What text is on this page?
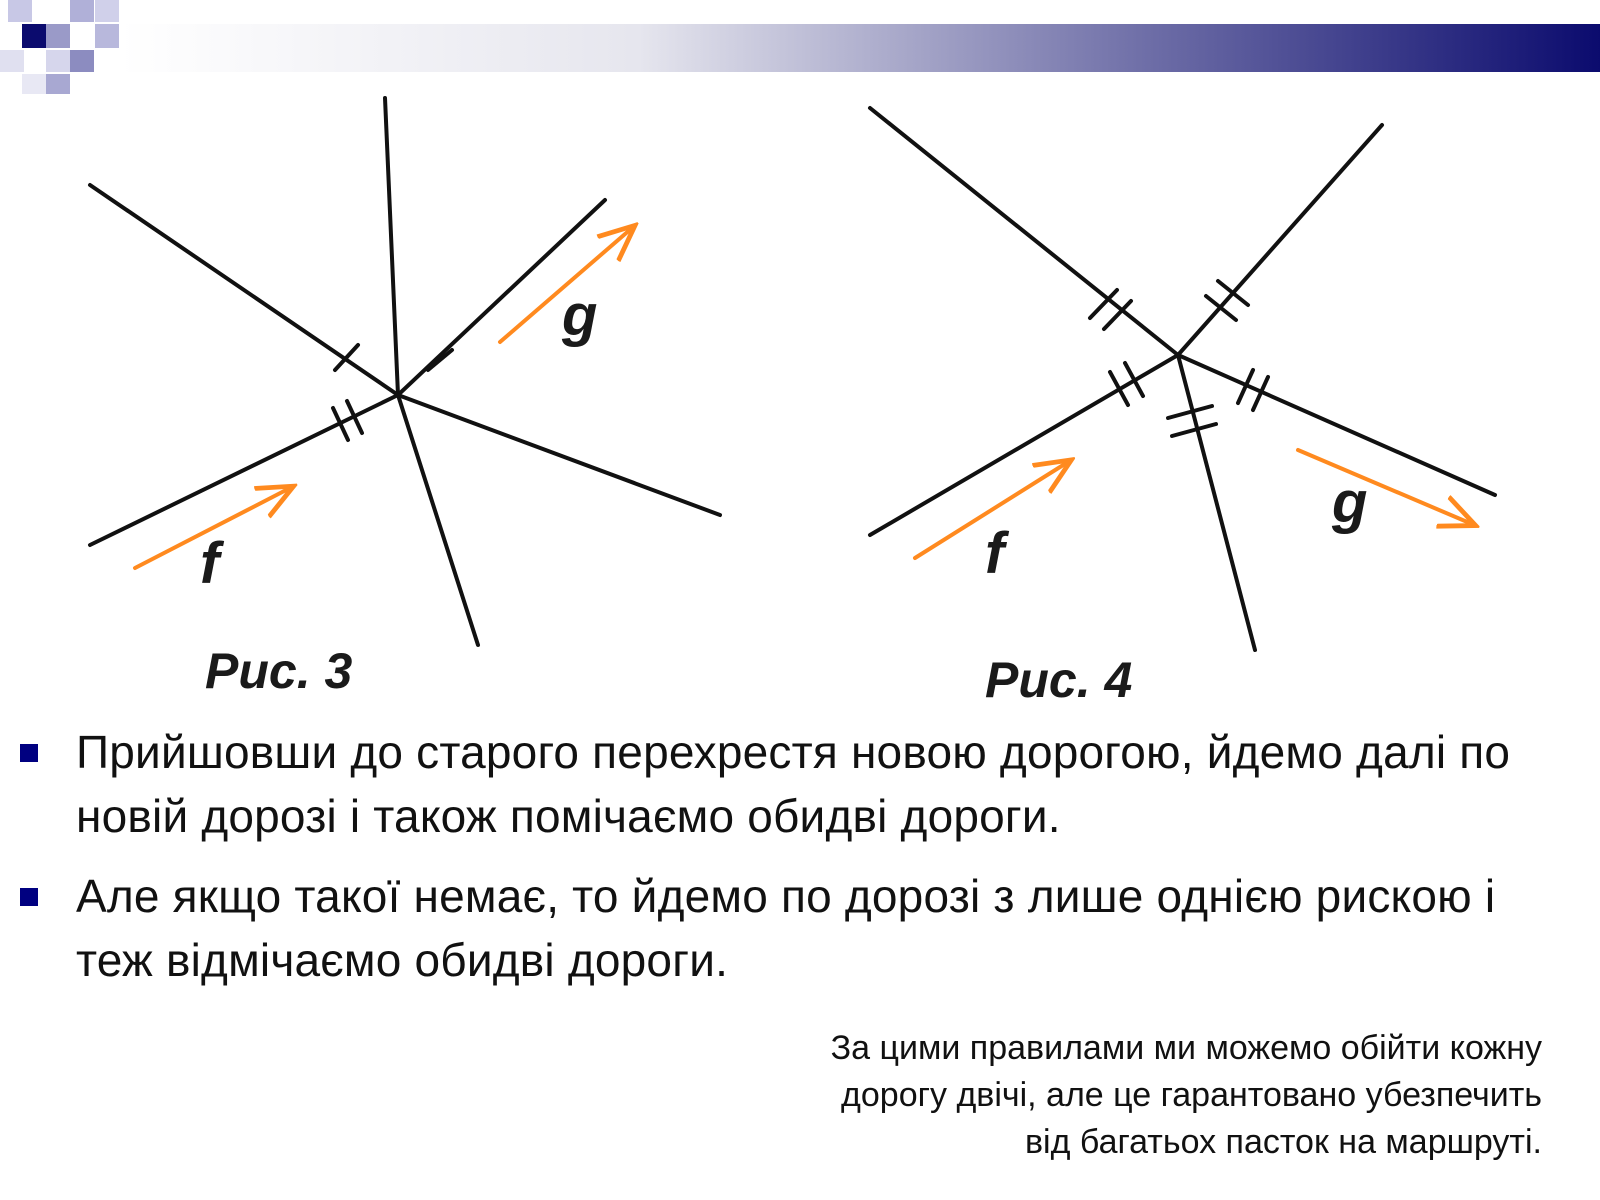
g
f
Рис. 3
f
g
Рис. 4
Прийшовши до старого перехрестя новою дорогою, йдемо далі по новій дорозі і також помічаємо обидві дороги.
Але якщо такої немає, то йдемо по дорозі з лише однією рискою і теж відмічаємо обидві дороги.
За цими правилами ми можемо обійти кожну
дорогу двічі, але це гарантовано убезпечить
від багатьох пасток на маршруті.
